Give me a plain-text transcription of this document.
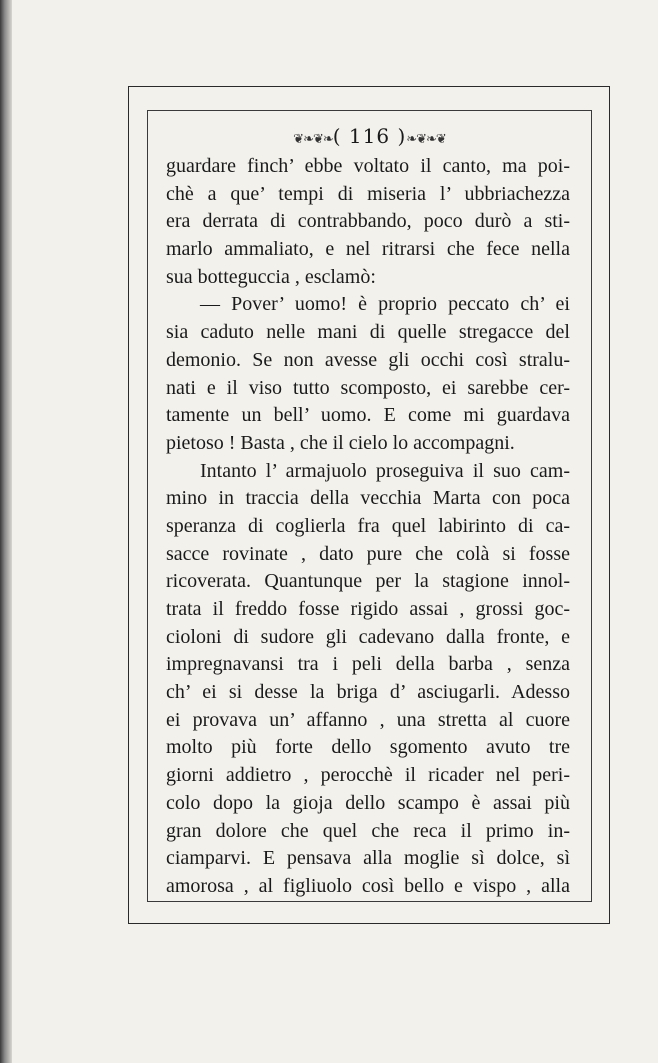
❦❧❦❧( 116 )❧❦❧❦
guardare finch’ ebbe voltato il canto, ma poi-
chè a que’ tempi di miseria l’ ubbriachezza
era derrata di contrabbando, poco durò a sti-
marlo ammaliato, e nel ritrarsi che fece nella
sua botteguccia , esclamò:
— Pover’ uomo! è proprio peccato ch’ ei
sia caduto nelle mani di quelle stregacce del
demonio. Se non avesse gli occhi così stralu-
nati e il viso tutto scomposto, ei sarebbe cer-
tamente un bell’ uomo. E come mi guardava
pietoso ! Basta , che il cielo lo accompagni.
Intanto l’ armajuolo proseguiva il suo cam-
mino in traccia della vecchia Marta con poca
speranza di coglierla fra quel labirinto di ca-
sacce rovinate , dato pure che colà si fosse
ricoverata. Quantunque per la stagione innol-
trata il freddo fosse rigido assai , grossi goc-
cioloni di sudore gli cadevano dalla fronte, e
impregnavansi tra i peli della barba , senza
ch’ ei si desse la briga d’ asciugarli. Adesso
ei provava un’ affanno , una stretta al cuore
molto più forte dello sgomento avuto tre
giorni addietro , perocchè il ricader nel peri-
colo dopo la gioja dello scampo è assai più
gran dolore che quel che reca il primo in-
ciamparvi. E pensava alla moglie sì dolce, sì
amorosa , al figliuolo così bello e vispo , alla
